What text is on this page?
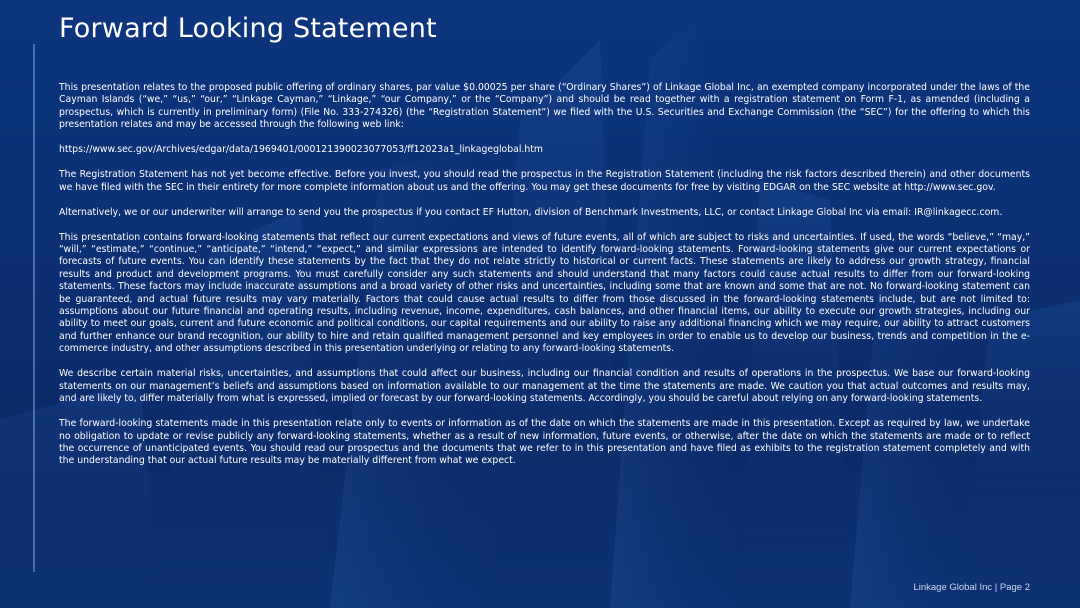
Forward Looking Statement

This presentation relates to the proposed public offering of ordinary shares, par value $0.00025 per share (“Ordinary Shares”) of Linkage Global Inc, an exempted company incorporated under the laws of the Cayman Islands (“we,” “us,” “our,” “Linkage Cayman,” “Linkage,” “our Company,” or the “Company”) and should be read together with a registration statement on Form F-1, as amended (including a prospectus, which is currently in preliminary form) (File No. 333-274326) (the “Registration Statement”) we filed with the U.S. Securities and Exchange Commission (the “SEC”) for the offering to which this presentation relates and may be accessed through the following web link:

https://www.sec.gov/Archives/edgar/data/1969401/000121390023077053/ff12023a1_linkageglobal.htm

The Registration Statement has not yet become effective. Before you invest, you should read the prospectus in the Registration Statement (including the risk factors described therein) and other documents we have filed with the SEC in their entirety for more complete information about us and the offering. You may get these documents for free by visiting EDGAR on the SEC website at http://www.sec.gov.

Alternatively, we or our underwriter will arrange to send you the prospectus if you contact EF Hutton, division of Benchmark Investments, LLC, or contact Linkage Global Inc via email: IR@linkagecc.com.

This presentation contains forward-looking statements that reflect our current expectations and views of future events, all of which are subject to risks and uncertainties. If used, the words “believe,” “may,” “will,” “estimate,” “continue,” “anticipate,” “intend,” “expect,” and similar expressions are intended to identify forward-looking statements. Forward-looking statements give our current expectations or forecasts of future events. You can identify these statements by the fact that they do not relate strictly to historical or current facts. These statements are likely to address our growth strategy, financial results and product and development programs. You must carefully consider any such statements and should understand that many factors could cause actual results to differ from our forward-looking statements. These factors may include inaccurate assumptions and a broad variety of other risks and uncertainties, including some that are known and some that are not. No forward-looking statement can be guaranteed, and actual future results may vary materially. Factors that could cause actual results to differ from those discussed in the forward-looking statements include, but are not limited to: assumptions about our future financial and operating results, including revenue, income, expenditures, cash balances, and other financial items, our ability to execute our growth strategies, including our ability to meet our goals, current and future economic and political conditions, our capital requirements and our ability to raise any additional financing which we may require, our ability to attract customers and further enhance our brand recognition, our ability to hire and retain qualified management personnel and key employees in order to enable us to develop our business, trends and competition in the e-commerce industry, and other assumptions described in this presentation underlying or relating to any forward-looking statements.

We describe certain material risks, uncertainties, and assumptions that could affect our business, including our financial condition and results of operations in the prospectus. We base our forward-looking statements on our management’s beliefs and assumptions based on information available to our management at the time the statements are made. We caution you that actual outcomes and results may, and are likely to, differ materially from what is expressed, implied or forecast by our forward-looking statements. Accordingly, you should be careful about relying on any forward-looking statements.

The forward-looking statements made in this presentation relate only to events or information as of the date on which the statements are made in this presentation. Except as required by law, we undertake no obligation to update or revise publicly any forward-looking statements, whether as a result of new information, future events, or otherwise, after the date on which the statements are made or to reflect the occurrence of unanticipated events. You should read our prospectus and the documents that we refer to in this presentation and have filed as exhibits to the registration statement completely and with the understanding that our actual future results may be materially different from what we expect.

Linkage Global Inc | Page 2
